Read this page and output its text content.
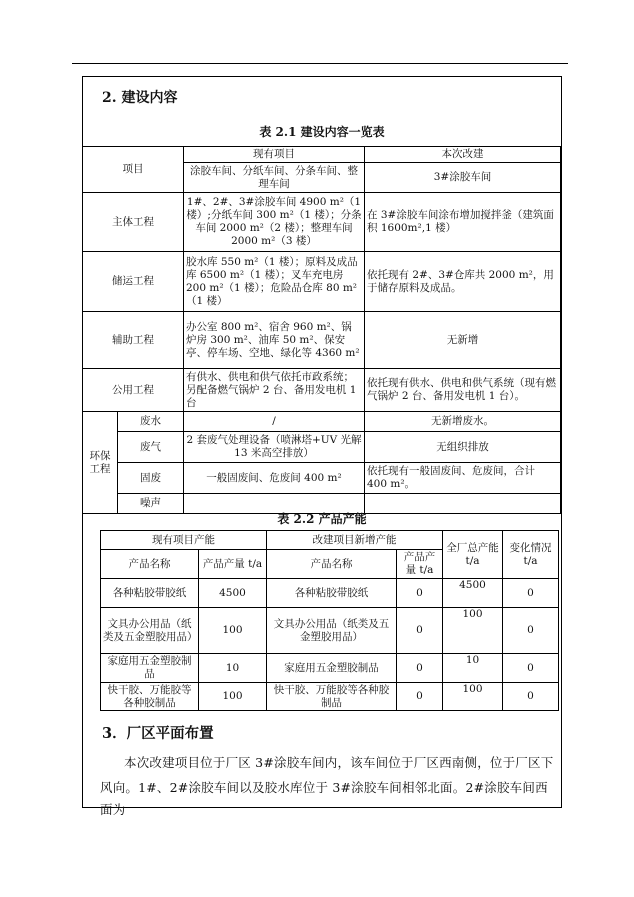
2. 建设内容
表 2.1 建设内容一览表
项目		现有项目	本次改建
		涂胶车间、分纸车间、分条车间、整理车间	3#涂胶车间
主体工程		1#、2#、3#涂胶车间 4900 m²（1楼）;分纸车间 300 m²（1 楼）；分条车间 2000 m²（2 楼）；整理车间 2000 m²（3 楼）	在 3#涂胶车间涂布增加搅拌釜（建筑面积 1600m²,1 楼）
储运工程		胶水库 550 m²（1 楼）；原料及成品库 6500 m²（1 楼）；叉车充电房 200 m²（1 楼）；危险品仓库 80 m²（1 楼）	依托现有 2#、3#仓库共 2000 m²，用于储存原料及成品。
辅助工程		办公室 800 m²、宿舍 960 m²、锅炉房 300 m²、油库 50 m²、保安亭、停车场、空地、绿化等 4360 m²	无新增
公用工程		有供水、供电和供气依托市政系统；另配备燃气锅炉 2 台、备用发电机 1 台	依托现有供水、供电和供气系统（现有燃气锅炉 2 台、备用发电机 1 台）。
环保工程	废水	/	无新增废水。
	废气	2 套废气处理设备（喷淋塔+UV 光解 13 米高空排放）	无组织排放
	固废	一般固废间、危废间 400 m²	依托现有一般固废间、危废间，合计 400 m²。
	噪声		
表 2.2 产品产能
现有项目产能		改建项目新增产能		全厂总产能 t/a	变化情况 t/a
产品名称	产品产量 t/a	产品名称	产品产量 t/a		
各种粘胶带胶纸	4500	各种粘胶带胶纸	0	4500	0
文具办公用品（纸类及五金塑胶用品）	100	文具办公用品（纸类及五金塑胶用品）	0	100	0
家庭用五金塑胶制品	10	家庭用五金塑胶制品	0	10	0
快干胶、万能胶等各种胶制品	100	快干胶、万能胶等各种胶制品	0	100	0
3．厂区平面布置
本次改建项目位于厂区 3#涂胶车间内，该车间位于厂区西南侧，位于厂区下
风向。1#、2#涂胶车间以及胶水库位于 3#涂胶车间相邻北面。2#涂胶车间西面为
